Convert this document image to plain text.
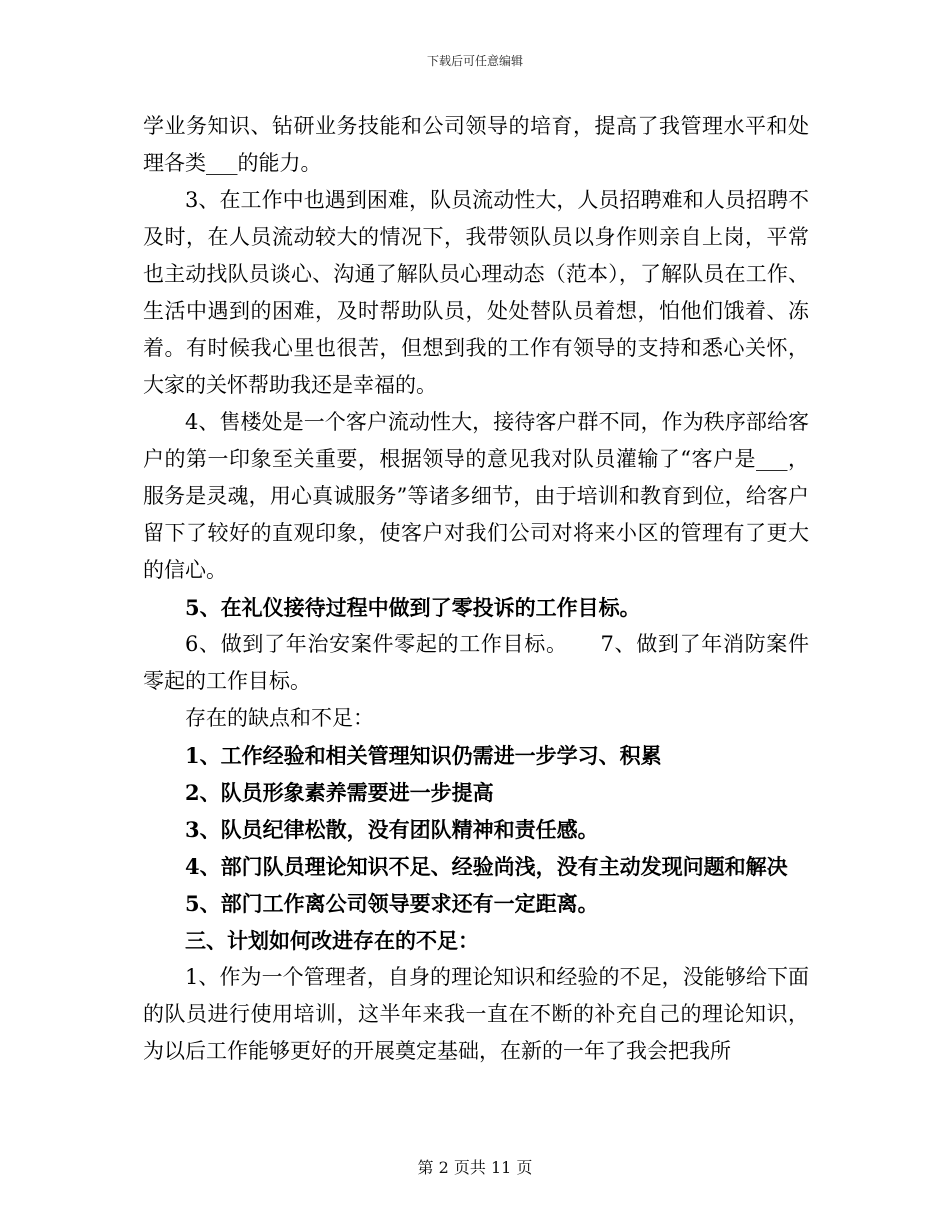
下载后可任意编辑

学业务知识、钻研业务技能和公司领导的培育，提高了我管理水平和处理各类___的能力。

3、在工作中也遇到困难，队员流动性大，人员招聘难和人员招聘不及时，在人员流动较大的情况下，我带领队员以身作则亲自上岗，平常也主动找队员谈心、沟通了解队员心理动态（范本），了解队员在工作、生活中遇到的困难，及时帮助队员，处处替队员着想，怕他们饿着、冻着。有时候我心里也很苦，但想到我的工作有领导的支持和悉心关怀，大家的关怀帮助我还是幸福的。

4、售楼处是一个客户流动性大，接待客户群不同，作为秩序部给客户的第一印象至关重要，根据领导的意见我对队员灌输了“客户是___，服务是灵魂，用心真诚服务”等诸多细节，由于培训和教育到位，给客户留下了较好的直观印象，使客户对我们公司对将来小区的管理有了更大的信心。

5、在礼仪接待过程中做到了零投诉的工作目标。

6、做到了年治安案件零起的工作目标。　　7、做到了年消防案件零起的工作目标。

存在的缺点和不足：

1、工作经验和相关管理知识仍需进一步学习、积累

2、队员形象素养需要进一步提高

3、队员纪律松散，没有团队精神和责任感。

4、部门队员理论知识不足、经验尚浅，没有主动发现问题和解决

5、部门工作离公司领导要求还有一定距离。

三、计划如何改进存在的不足：

1、作为一个管理者，自身的理论知识和经验的不足，没能够给下面的队员进行使用培训，这半年来我一直在不断的补充自己的理论知识，为以后工作能够更好的开展奠定基础，在新的一年了我会把我所

第 2 页共 11 页
